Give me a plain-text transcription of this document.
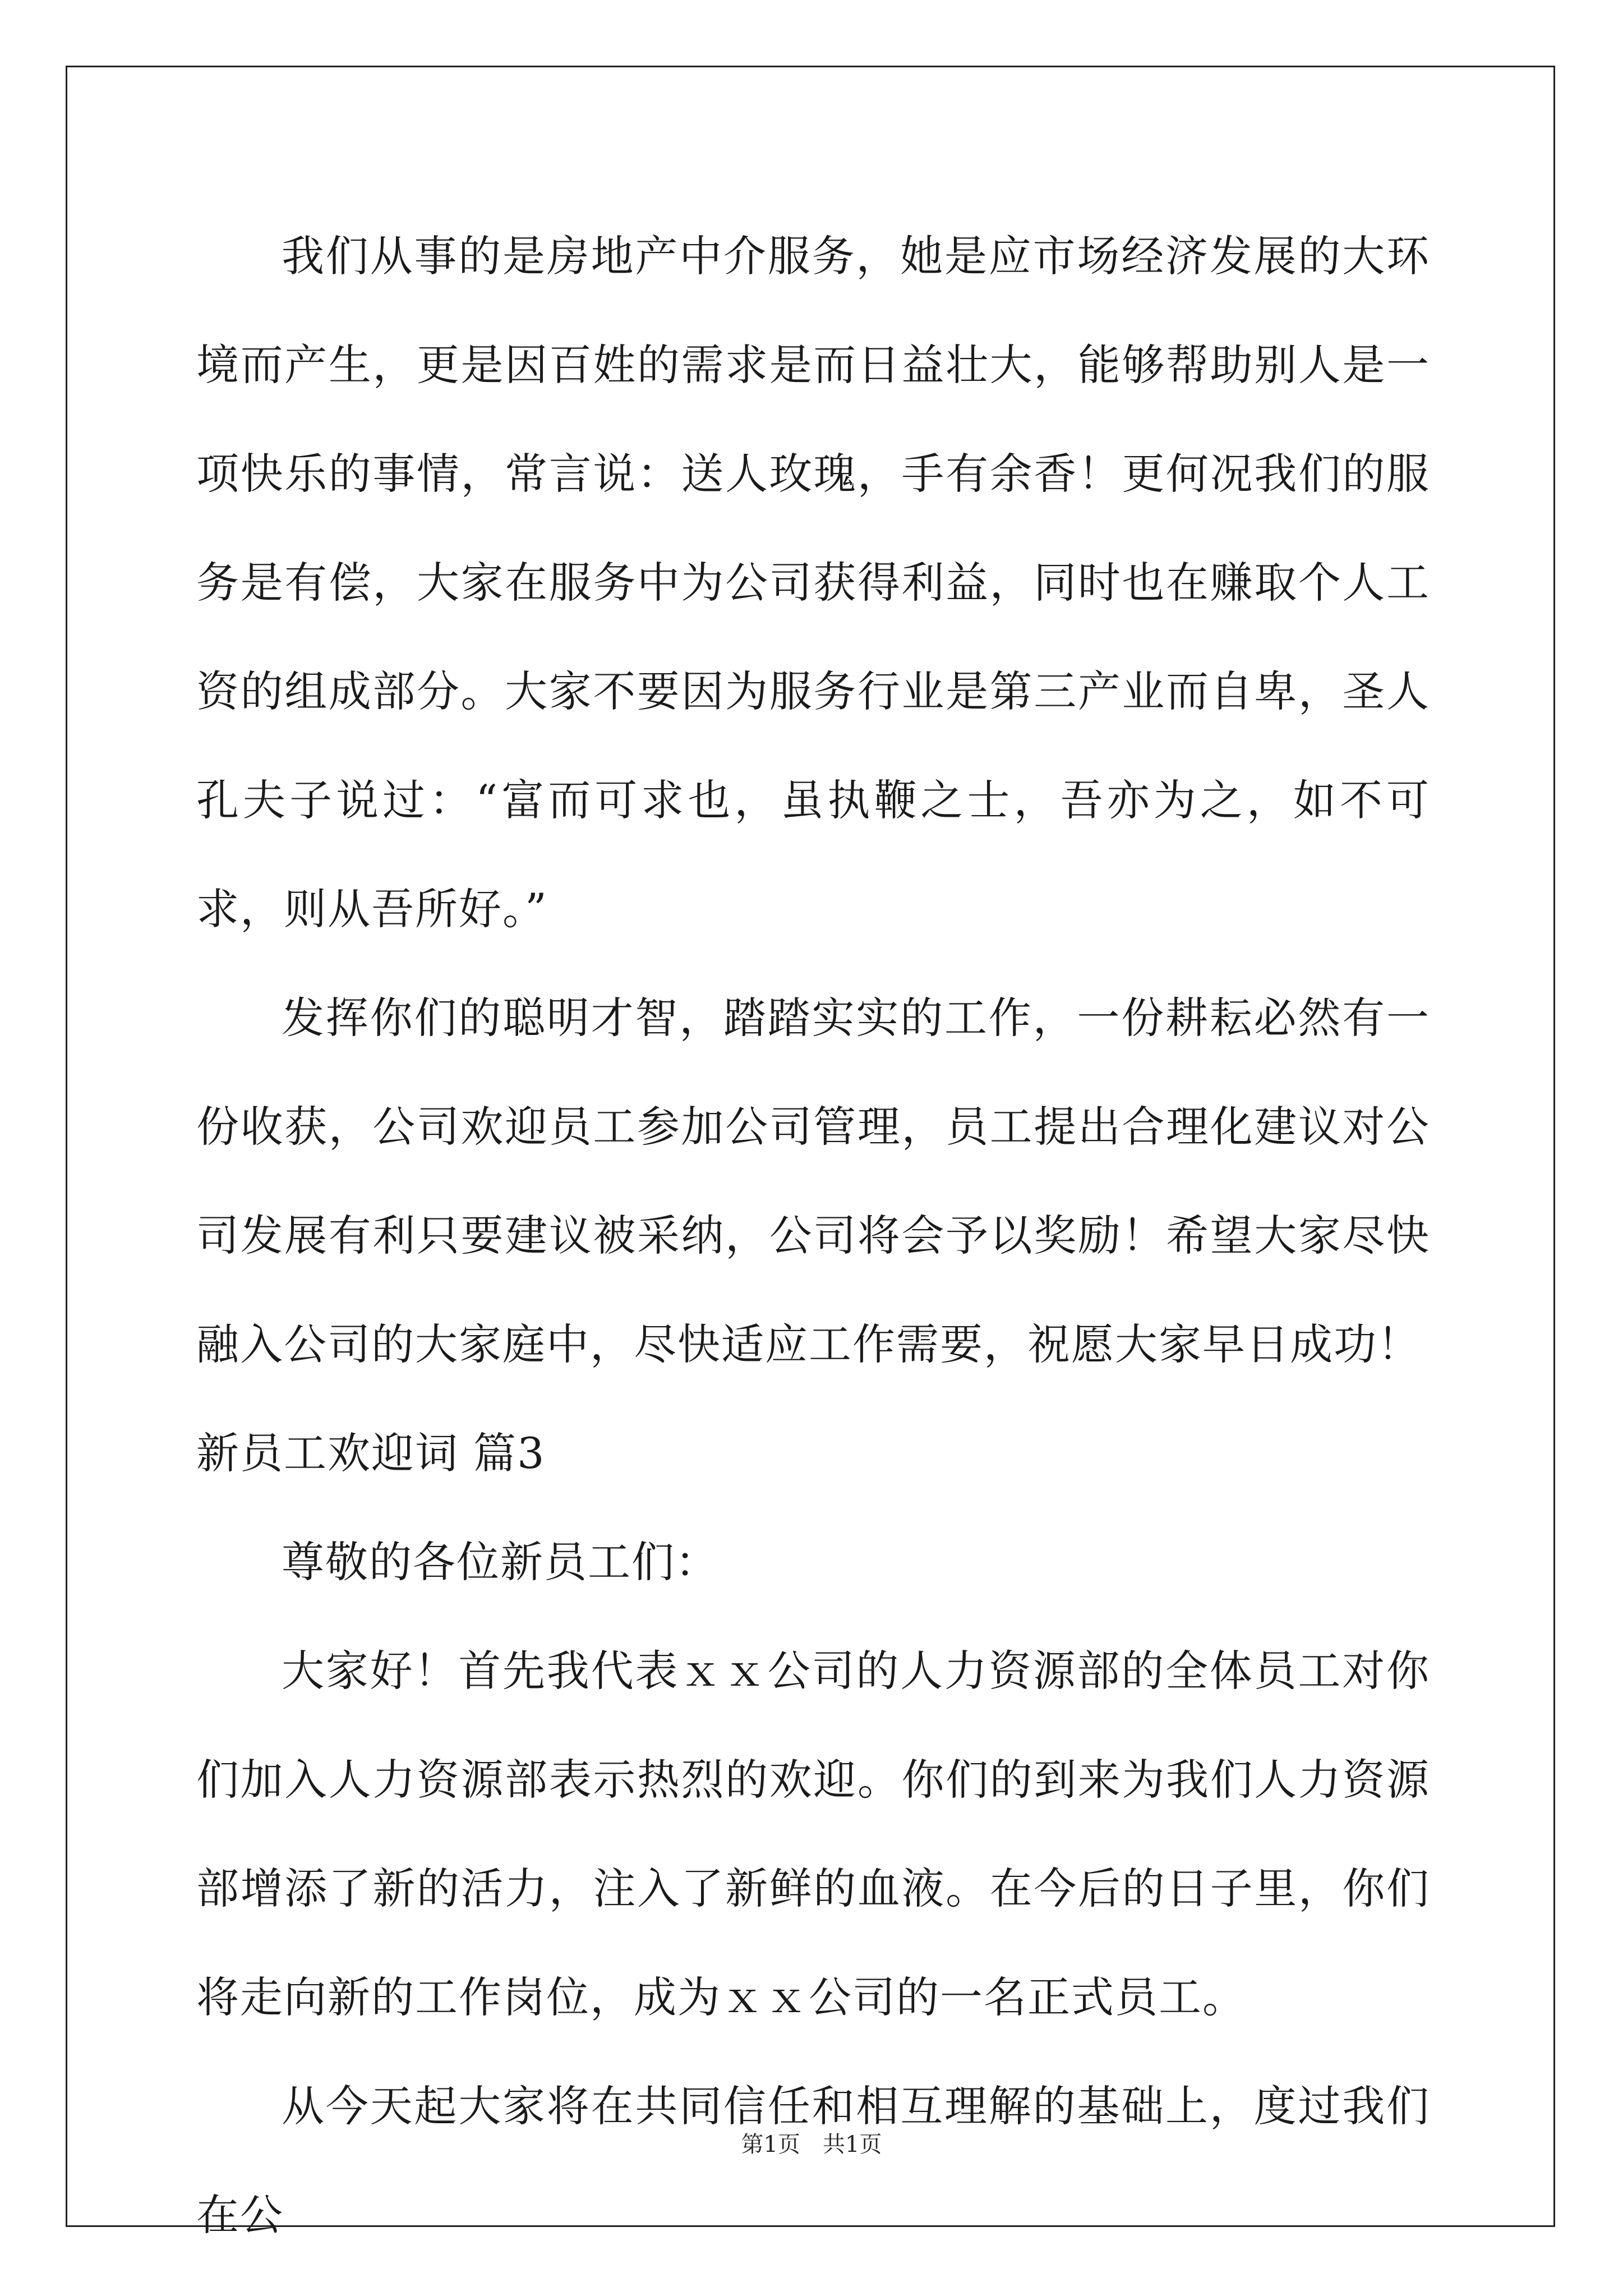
我们从事的是房地产中介服务，她是应市场经济发展的大环境而产生，更是因百姓的需求是而日益壮大，能够帮助别人是一项快乐的事情，常言说：送人玫瑰，手有余香！更何况我们的服务是有偿，大家在服务中为公司获得利益，同时也在赚取个人工资的组成部分。大家不要因为服务行业是第三产业而自卑，圣人孔夫子说过：“富而可求也，虽执鞭之士，吾亦为之，如不可求，则从吾所好。”

发挥你们的聪明才智，踏踏实实的工作，一份耕耘必然有一份收获，公司欢迎员工参加公司管理，员工提出合理化建议对公司发展有利只要建议被采纳，公司将会予以奖励！希望大家尽快融入公司的大家庭中，尽快适应工作需要，祝愿大家早日成功！

新员工欢迎词 篇3

尊敬的各位新员工们：

大家好！首先我代表ｘｘ公司的人力资源部的全体员工对你们加入人力资源部表示热烈的欢迎。你们的到来为我们人力资源部增添了新的活力，注入了新鲜的血液。在今后的日子里，你们将走向新的工作岗位，成为ｘｘ公司的一名正式员工。

从今天起大家将在共同信任和相互理解的基础上，度过我们在公

第1页 共1页
